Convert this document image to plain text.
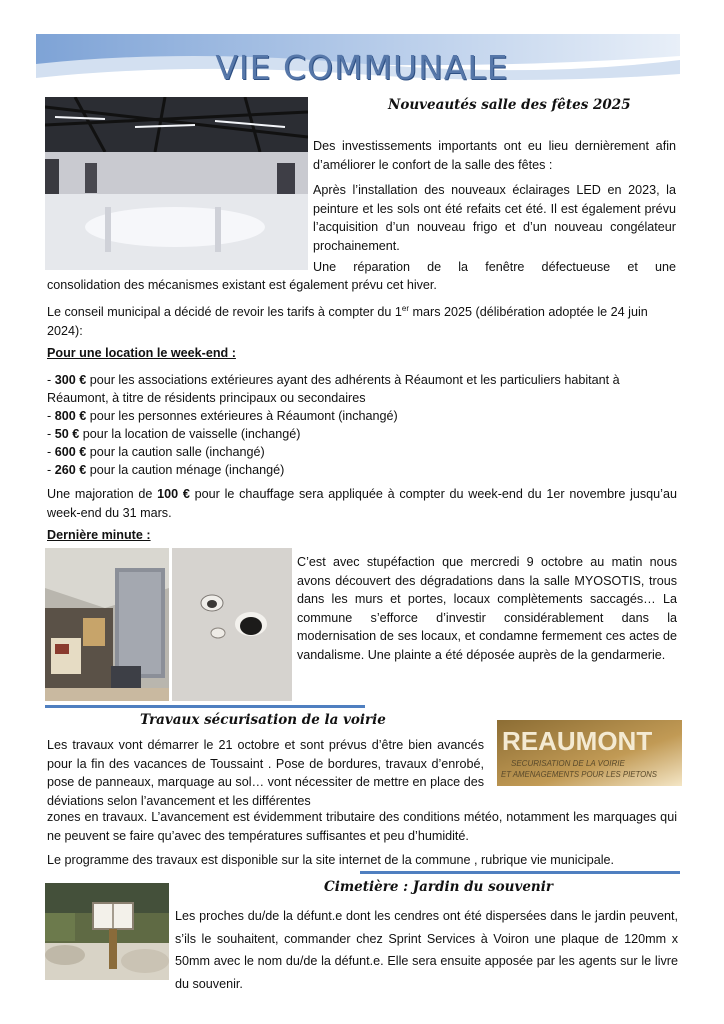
VIE COMMUNALE
Nouveautés salle des fêtes 2025

Des investissements importants ont eu lieu dernièrement afin d’améliorer le confort de la salle des fêtes :

Après l’installation des nouveaux éclairages LED en 2023, la peinture et les sols ont été refaits cet été. Il est également prévu l’acquisition d’un nouveau frigo et d’un nouveau congélateur prochainement.

Une réparation de la fenêtre défectueuse et une

consolidation des mécanismes existant est également prévu cet hiver.

Le conseil municipal a décidé de revoir les tarifs à compter du 1er mars 2025 (délibération adoptée le 24 juin 2024):

Pour une location le week-end :
- 300 € pour les associations extérieures ayant des adhérents à Réaumont et les particuliers habitant à
Réaumont, à titre de résidents principaux ou secondaires
- 800 € pour les personnes extérieures à Réaumont (inchangé)
- 50 € pour la location de vaisselle (inchangé)
- 600 € pour la caution salle (inchangé)
- 260 € pour la caution ménage (inchangé)

Une majoration de 100 € pour le chauffage sera appliquée à compter du week-end du 1er novembre jusqu’au week-end du 31 mars.

Dernière minute :

C’est avec stupéfaction que mercredi 9 octobre au matin nous avons découvert des dégradations dans la salle MYOSOTIS, trous dans les murs et portes, locaux complètements saccagés… La commune s’efforce d’investir considérablement dans la modernisation de ses locaux, et condamne fermement ces actes de vandalisme. Une plainte a été déposée auprès de la gendarmerie.

Travaux sécurisation de la voirie
REAUMONT
SECURISATION DE LA VOIRIE
ET AMENAGEMENTS POUR LES PIETONS

Les travaux vont démarrer le 21 octobre et sont prévus d’être bien avancés pour la fin des vacances de Toussaint . Pose de bordures, travaux d’enrobé, pose de panneaux, marquage au sol… vont nécessiter de mettre en place des déviations selon l’avancement et les différentes

zones en travaux. L’avancement est évidemment tributaire des conditions météo, notamment les marquages qui ne peuvent se faire qu’avec des températures suffisantes et peu d’humidité.

Le programme des travaux est disponible sur la site internet de la commune , rubrique vie municipale.

Cimetière : Jardin du souvenir

Les proches du/de la défunt.e dont les cendres ont été dispersées dans le jardin peuvent, s’ils le souhaitent, commander chez Sprint Services à Voiron une plaque de 120mm x 50mm avec le nom du/de la défunt.e. Elle sera ensuite apposée par les agents sur le livre du souvenir.
